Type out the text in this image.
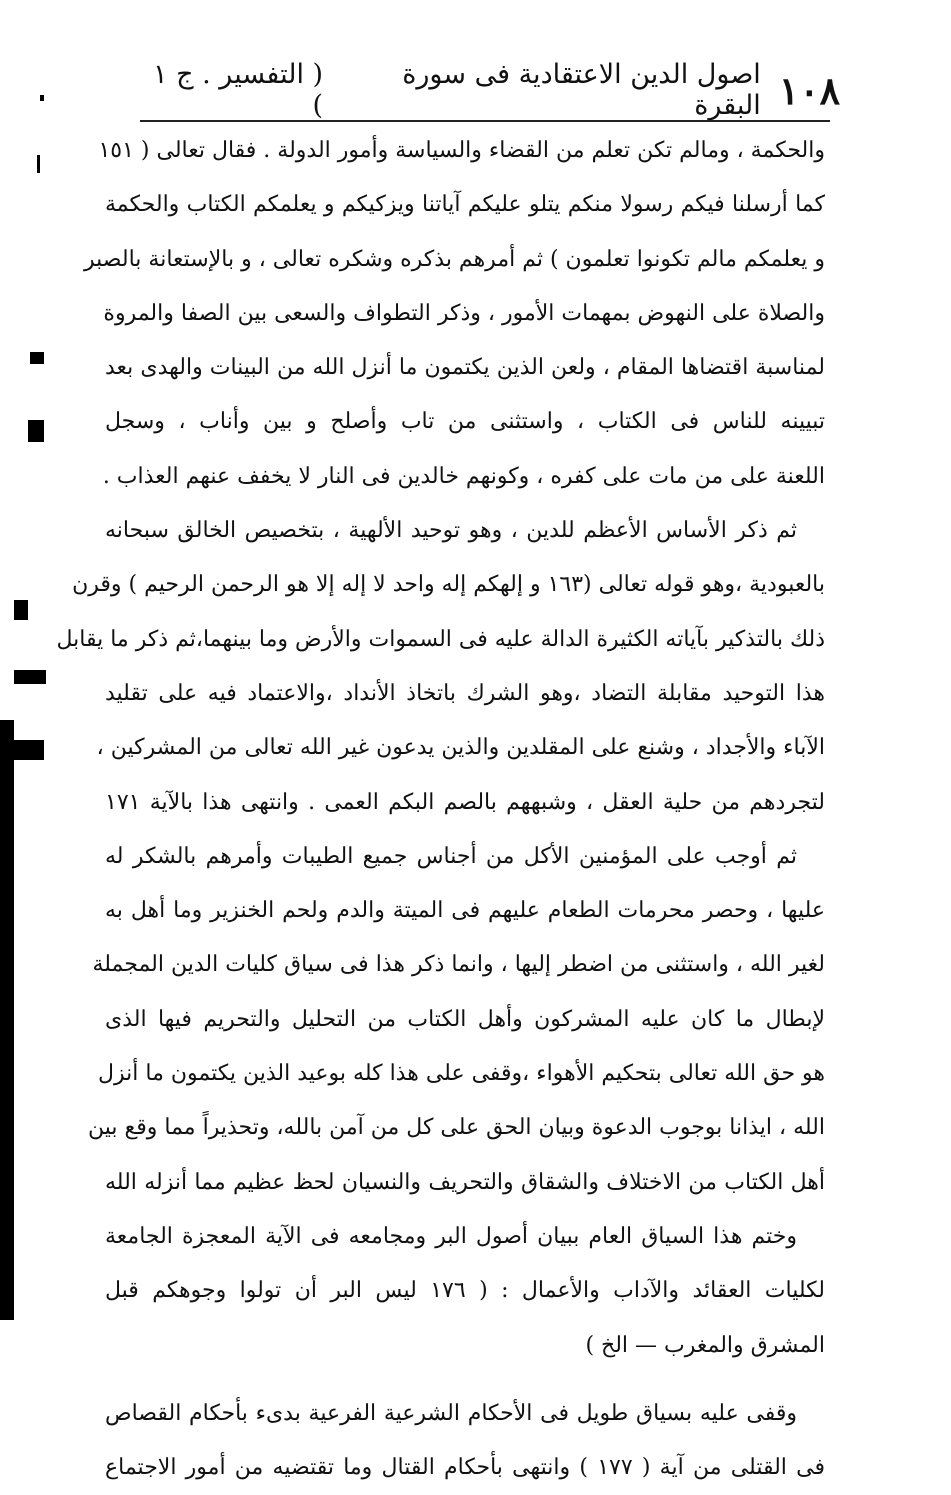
١٠٨
اصول الدين الاعتقادية فى سورة البقرة
( التفسير . ج ١ )
والحكمة ، ومالم تكن تعلم من القضاء والسياسة وأمور الدولة . فقال تعالى ( ١٥١
كما أرسلنا فيكم رسولا منكم يتلو عليكم آياتنا ويزكيكم و يعلمكم الكتاب والحكمة
و يعلمكم مالم تكونوا تعلمون ) ثم أمرهم بذكره وشكره تعالى ، و بالإستعانة بالصبر
والصلاة على النهوض بمهمات الأمور ، وذكر التطواف والسعى بين الصفا والمروة
لمناسبة اقتضاها المقام ، ولعن الذين يكتمون ما أنزل الله من البينات والهدى بعد
تبيينه للناس فى الكتاب ، واستثنى من تاب وأصلح و بين وأناب ، وسجل
اللعنة على من مات على كفره ، وكونهم خالدين فى النار لا يخفف عنهم العذاب .
ثم ذكر الأساس الأعظم للدين ، وهو توحيد الألهية ، بتخصيص الخالق سبحانه
بالعبودية ،وهو قوله تعالى (١٦٣ و إلهكم إله واحد لا إله إلا هو الرحمن الرحيم ) وقرن
ذلك بالتذكير بآياته الكثيرة الدالة عليه فى السموات والأرض وما بينهما،ثم ذكر ما يقابل
هذا التوحيد مقابلة التضاد ،وهو الشرك باتخاذ الأنداد ،والاعتماد فيه على تقليد
الآباء والأجداد ، وشنع على المقلدين والذين يدعون غير الله تعالى من المشركين ،
لتجردهم من حلية العقل ، وشبههم بالصم البكم العمى . وانتهى هذا بالآية ١٧١
ثم أوجب على المؤمنين الأكل من أجناس جميع الطيبات وأمرهم بالشكر له
عليها ، وحصر محرمات الطعام عليهم فى الميتة والدم ولحم الخنزير وما أهل به
لغير الله ، واستثنى من اضطر إليها ، وانما ذكر هذا فى سياق كليات الدين المجملة
لإبطال ما كان عليه المشركون وأهل الكتاب من التحليل والتحريم فيها الذى
هو حق الله تعالى بتحكيم الأهواء ،وقفى على هذا كله بوعيد الذين يكتمون ما أنزل
الله ، ايذانا بوجوب الدعوة وبيان الحق على كل من آمن بالله، وتحذيراً مما وقع بين
أهل الكتاب من الاختلاف والشقاق والتحريف والنسيان لحظ عظيم مما أنزله الله
وختم هذا السياق العام ببيان أصول البر ومجامعه فى الآية المعجزة الجامعة
لكليات العقائد والآداب والأعمال : ( ١٧٦ ليس البر أن تولوا وجوهكم قبل
المشرق والمغرب — الخ )
وقفى عليه بسياق طويل فى الأحكام الشرعية الفرعية بدىء بأحكام القصاص
فى القتلى من آية ( ١٧٧ ) وانتهى بأحكام القتال وما تقتضيه من أمور الاجتماع
